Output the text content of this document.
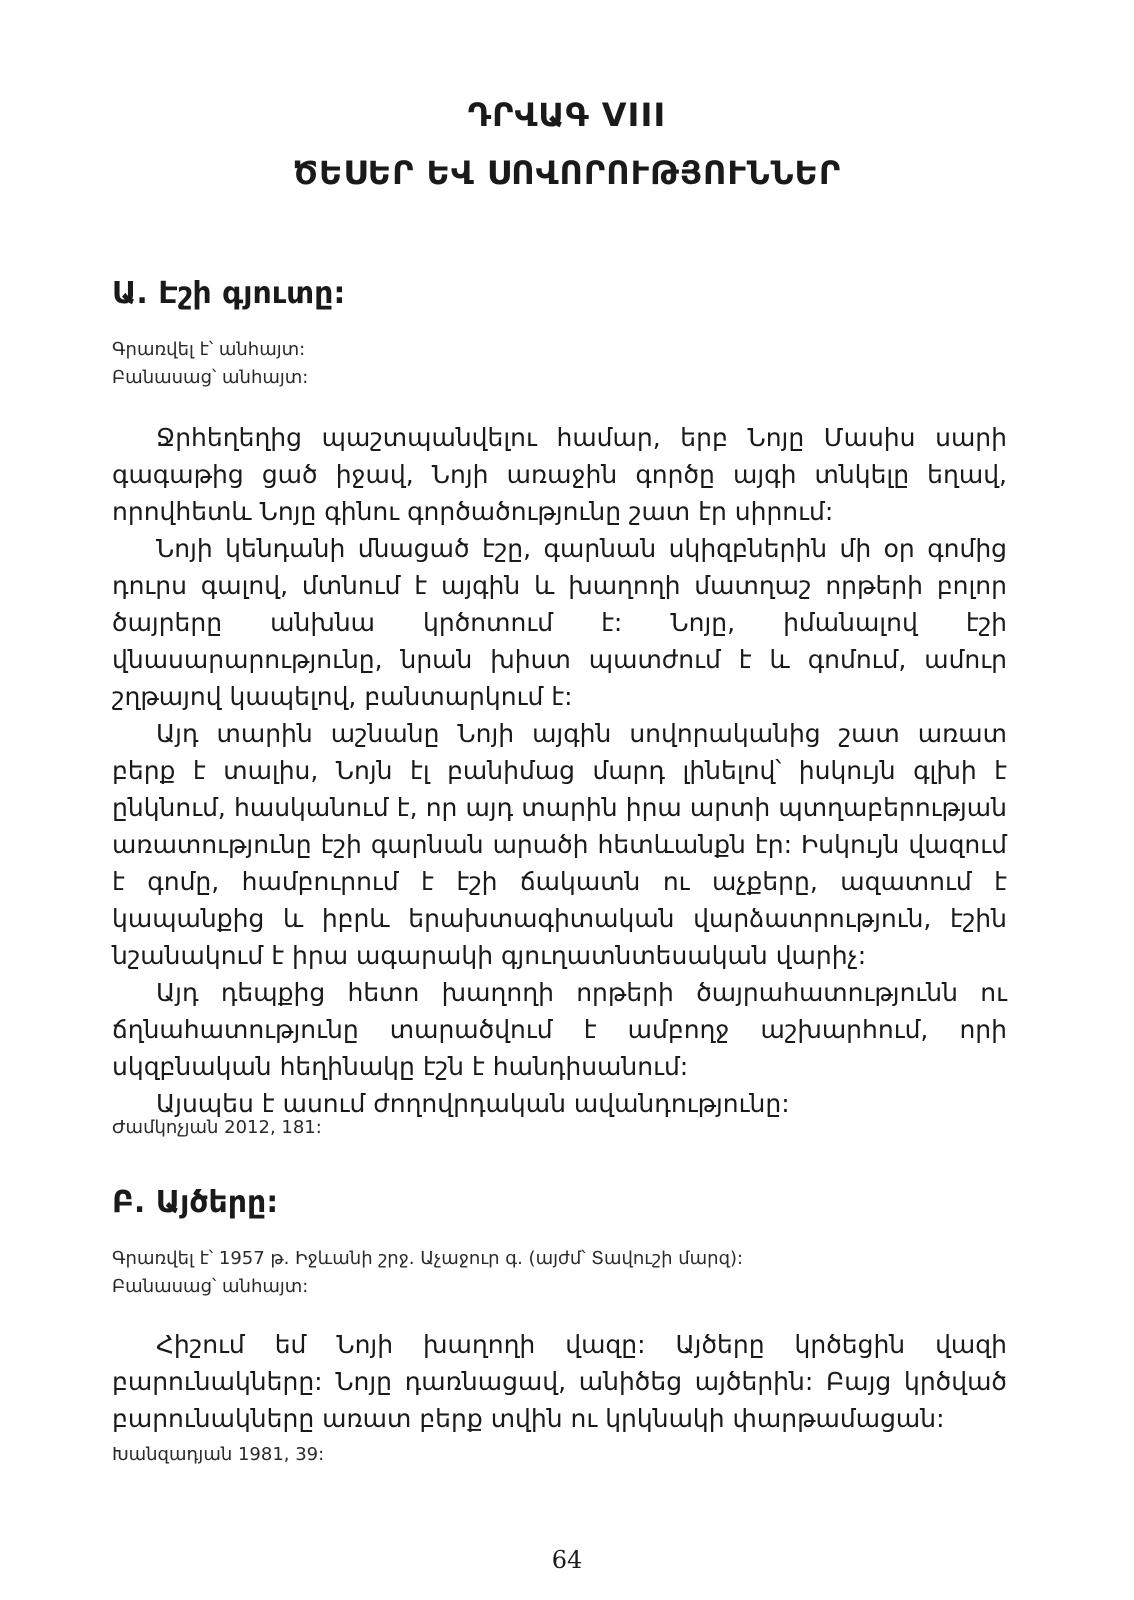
ԴՐՎԱԳ VIII
ԾԵՍԵՐ ԵՎ ՍՈՎՈՐՈՒԹՅՈՒՆՆԵՐ
Ա. Էշի գյուտը:
Գրառվել է՝ անհայտ:
Բանասաց՝ անհայտ:

Ջրհեղեղից պաշտպանվելու համար, երբ Նոյը Մասիս սարի գագաթից ցած իջավ, Նոյի առաջին գործը այգի տնկելը եղավ, որովհետև Նոյը գինու գործածությունը շատ էր սիրում:

Նոյի կենդանի մնացած էշը, գարնան սկիզբներին մի օր գոմից դուրս գալով, մտնում է այգին և խաղողի մատղաշ որթերի բոլոր ծայրերը անխնա կրծոտում է: Նոյը, իմանալով էշի վնասարարությունը, նրան խիստ պատժում է և գոմում, ամուր շղթայով կապելով, բանտարկում է:

Այդ տարին աշնանը Նոյի այգին սովորականից շատ առատ բերք է տալիս, Նոյն էլ բանիմաց մարդ լինելով՝ իսկույն գլխի է ընկնում, հասկանում է, որ այդ տարին իրա արտի պտղաբերության առատությունը էշի գարնան արածի հետևանքն էր: Իսկույն վազում է գոմը, համբուրում է էշի ճակատն ու աչքերը, ազատում է կապանքից և իբրև երախտագիտական վարձատրություն, էշին նշանակում է իրա ագարակի գյուղատնտեսական վարիչ:

Այդ դեպքից հետո խաղողի որթերի ծայրահատությունն ու ճղնահատությունը տարածվում է ամբողջ աշխարհում, որի սկզբնական հեղինակը էշն է հանդիսանում:

Այսպես է ասում ժողովրդական ավանդությունը:

Ժամկոչյան 2012, 181:
Բ. Այծերը:
Գրառվել է՝ 1957 թ. Իջևանի շրջ. Աչաջուր գ. (այժմ՝ Տավուշի մարզ):
Բանասաց՝ անհայտ:

Հիշում եմ Նոյի խաղողի վազը: Այծերը կրծեցին վազի բարունակները: Նոյը դառնացավ, անիծեց այծերին: Բայց կրծված բարունակները առատ բերք տվին ու կրկնակի փարթամացան:

Խանզադյան 1981, 39:
64
